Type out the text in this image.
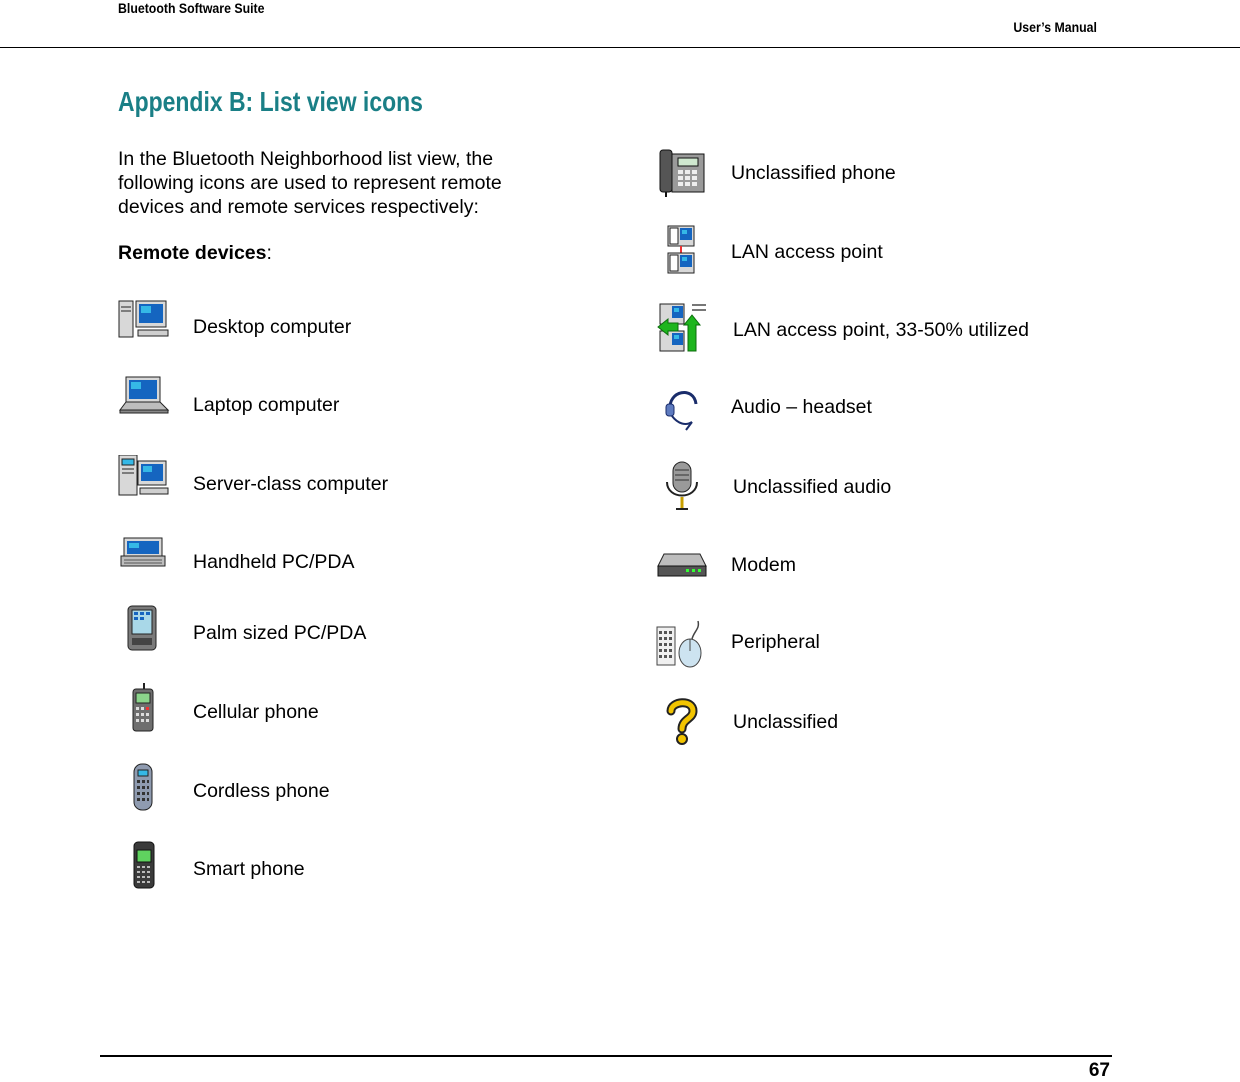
Bluetooth Software Suite
User’s Manual
Appendix B: List view icons
In the Bluetooth Neighborhood list view, the following icons are used to represent remote devices and remote services respectively:
Remote devices:
Desktop computer
Laptop computer
Server-class computer
Handheld PC/PDA
Palm sized PC/PDA
Cellular phone
Cordless phone
Smart phone
Unclassified phone
LAN access point
LAN access point, 33-50% utilized
Audio – headset
Unclassified audio
Modem
Peripheral
Unclassified
67
